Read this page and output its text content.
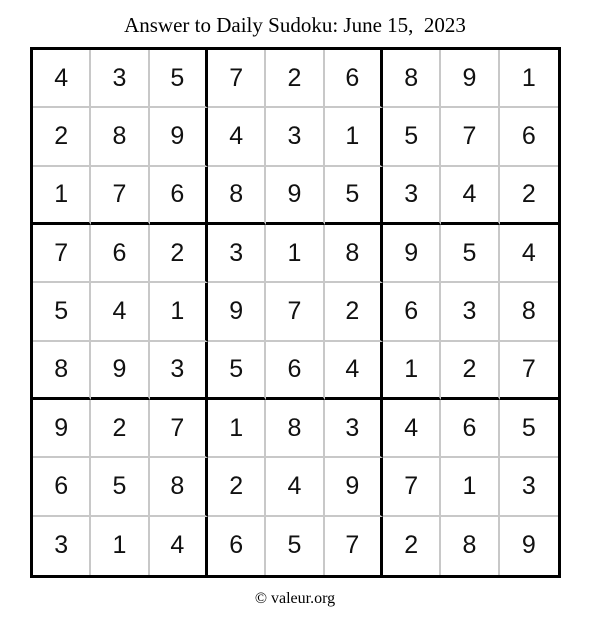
Answer to Daily Sudoku: June 15,  2023
4	3	5	7	2	6	8	9	1
2	8	9	4	3	1	5	7	6
1	7	6	8	9	5	3	4	2
7	6	2	3	1	8	9	5	4
5	4	1	9	7	2	6	3	8
8	9	3	5	6	4	1	2	7
9	2	7	1	8	3	4	6	5
6	5	8	2	4	9	7	1	3
3	1	4	6	5	7	2	8	9
© valeur.org
